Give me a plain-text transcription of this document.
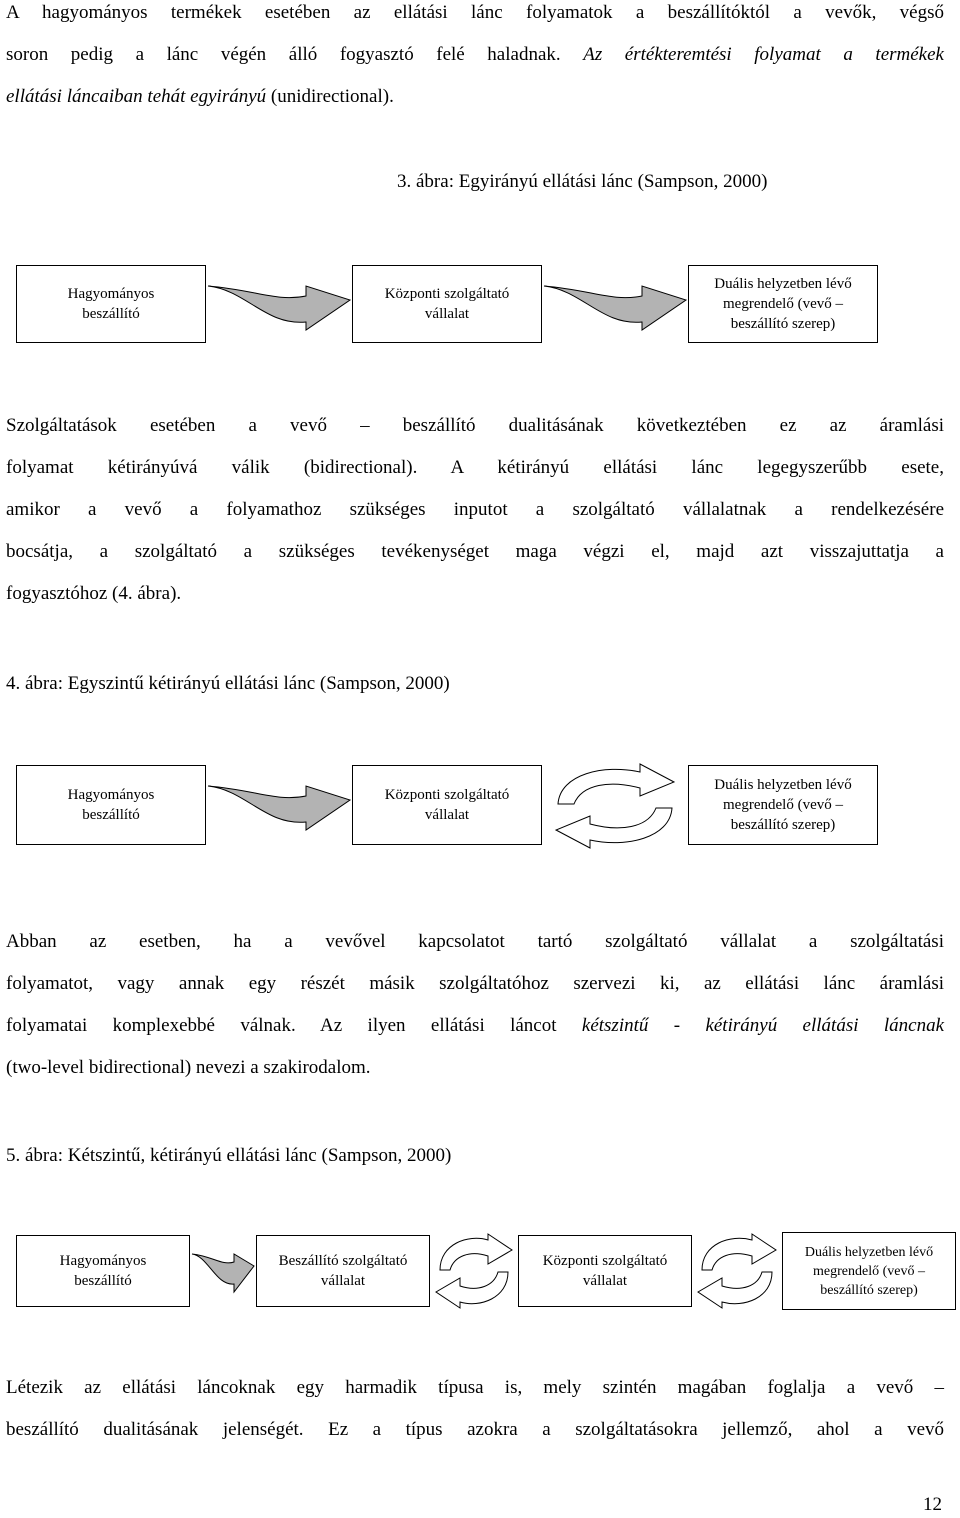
A hagyományos termékek esetében az ellátási lánc folyamatok a beszállítóktól a vevők, végső

soron pedig a lánc végén álló fogyasztó felé haladnak. Az értékteremtési folyamat a termékek

ellátási láncaiban tehát egyirányú (unidirectional).

3. ábra: Egyirányú ellátási lánc (Sampson, 2000)

Hagyományos
beszállító
Központi szolgáltató
vállalat
Duális helyzetben lévő
megrendelő (vevő –
beszállító szerep)

Szolgáltatások esetében a vevő – beszállító dualitásának következtében ez az áramlási

folyamat kétirányúvá válik (bidirectional). A kétirányú ellátási lánc legegyszerűbb esete,

amikor a vevő a folyamathoz szükséges inputot a szolgáltató vállalatnak a rendelkezésére

bocsátja, a szolgáltató a szükséges tevékenységet maga végzi el, majd azt visszajuttatja a

fogyasztóhoz (4. ábra).

4. ábra: Egyszintű kétirányú ellátási lánc (Sampson, 2000)

Hagyományos
beszállító
Központi szolgáltató
vállalat
Duális helyzetben lévő
megrendelő (vevő –
beszállító szerep)

Abban az esetben, ha a vevővel kapcsolatot tartó szolgáltató vállalat a szolgáltatási

folyamatot, vagy annak egy részét másik szolgáltatóhoz szervezi ki, az ellátási lánc áramlási

folyamatai komplexebbé válnak. Az ilyen ellátási láncot kétszintű - kétirányú ellátási láncnak

(two-level bidirectional) nevezi a szakirodalom.

5. ábra: Kétszintű, kétirányú ellátási lánc (Sampson, 2000)

Hagyományos
beszállító
Beszállító szolgáltató
vállalat
Központi szolgáltató
vállalat
Duális helyzetben lévő
megrendelő (vevő –
beszállító szerep)

Létezik az ellátási láncoknak egy harmadik típusa is, mely szintén magában foglalja a vevő –

beszállító dualitásának jelenségét. Ez a típus azokra a szolgáltatásokra jellemző, ahol a vevő

12
